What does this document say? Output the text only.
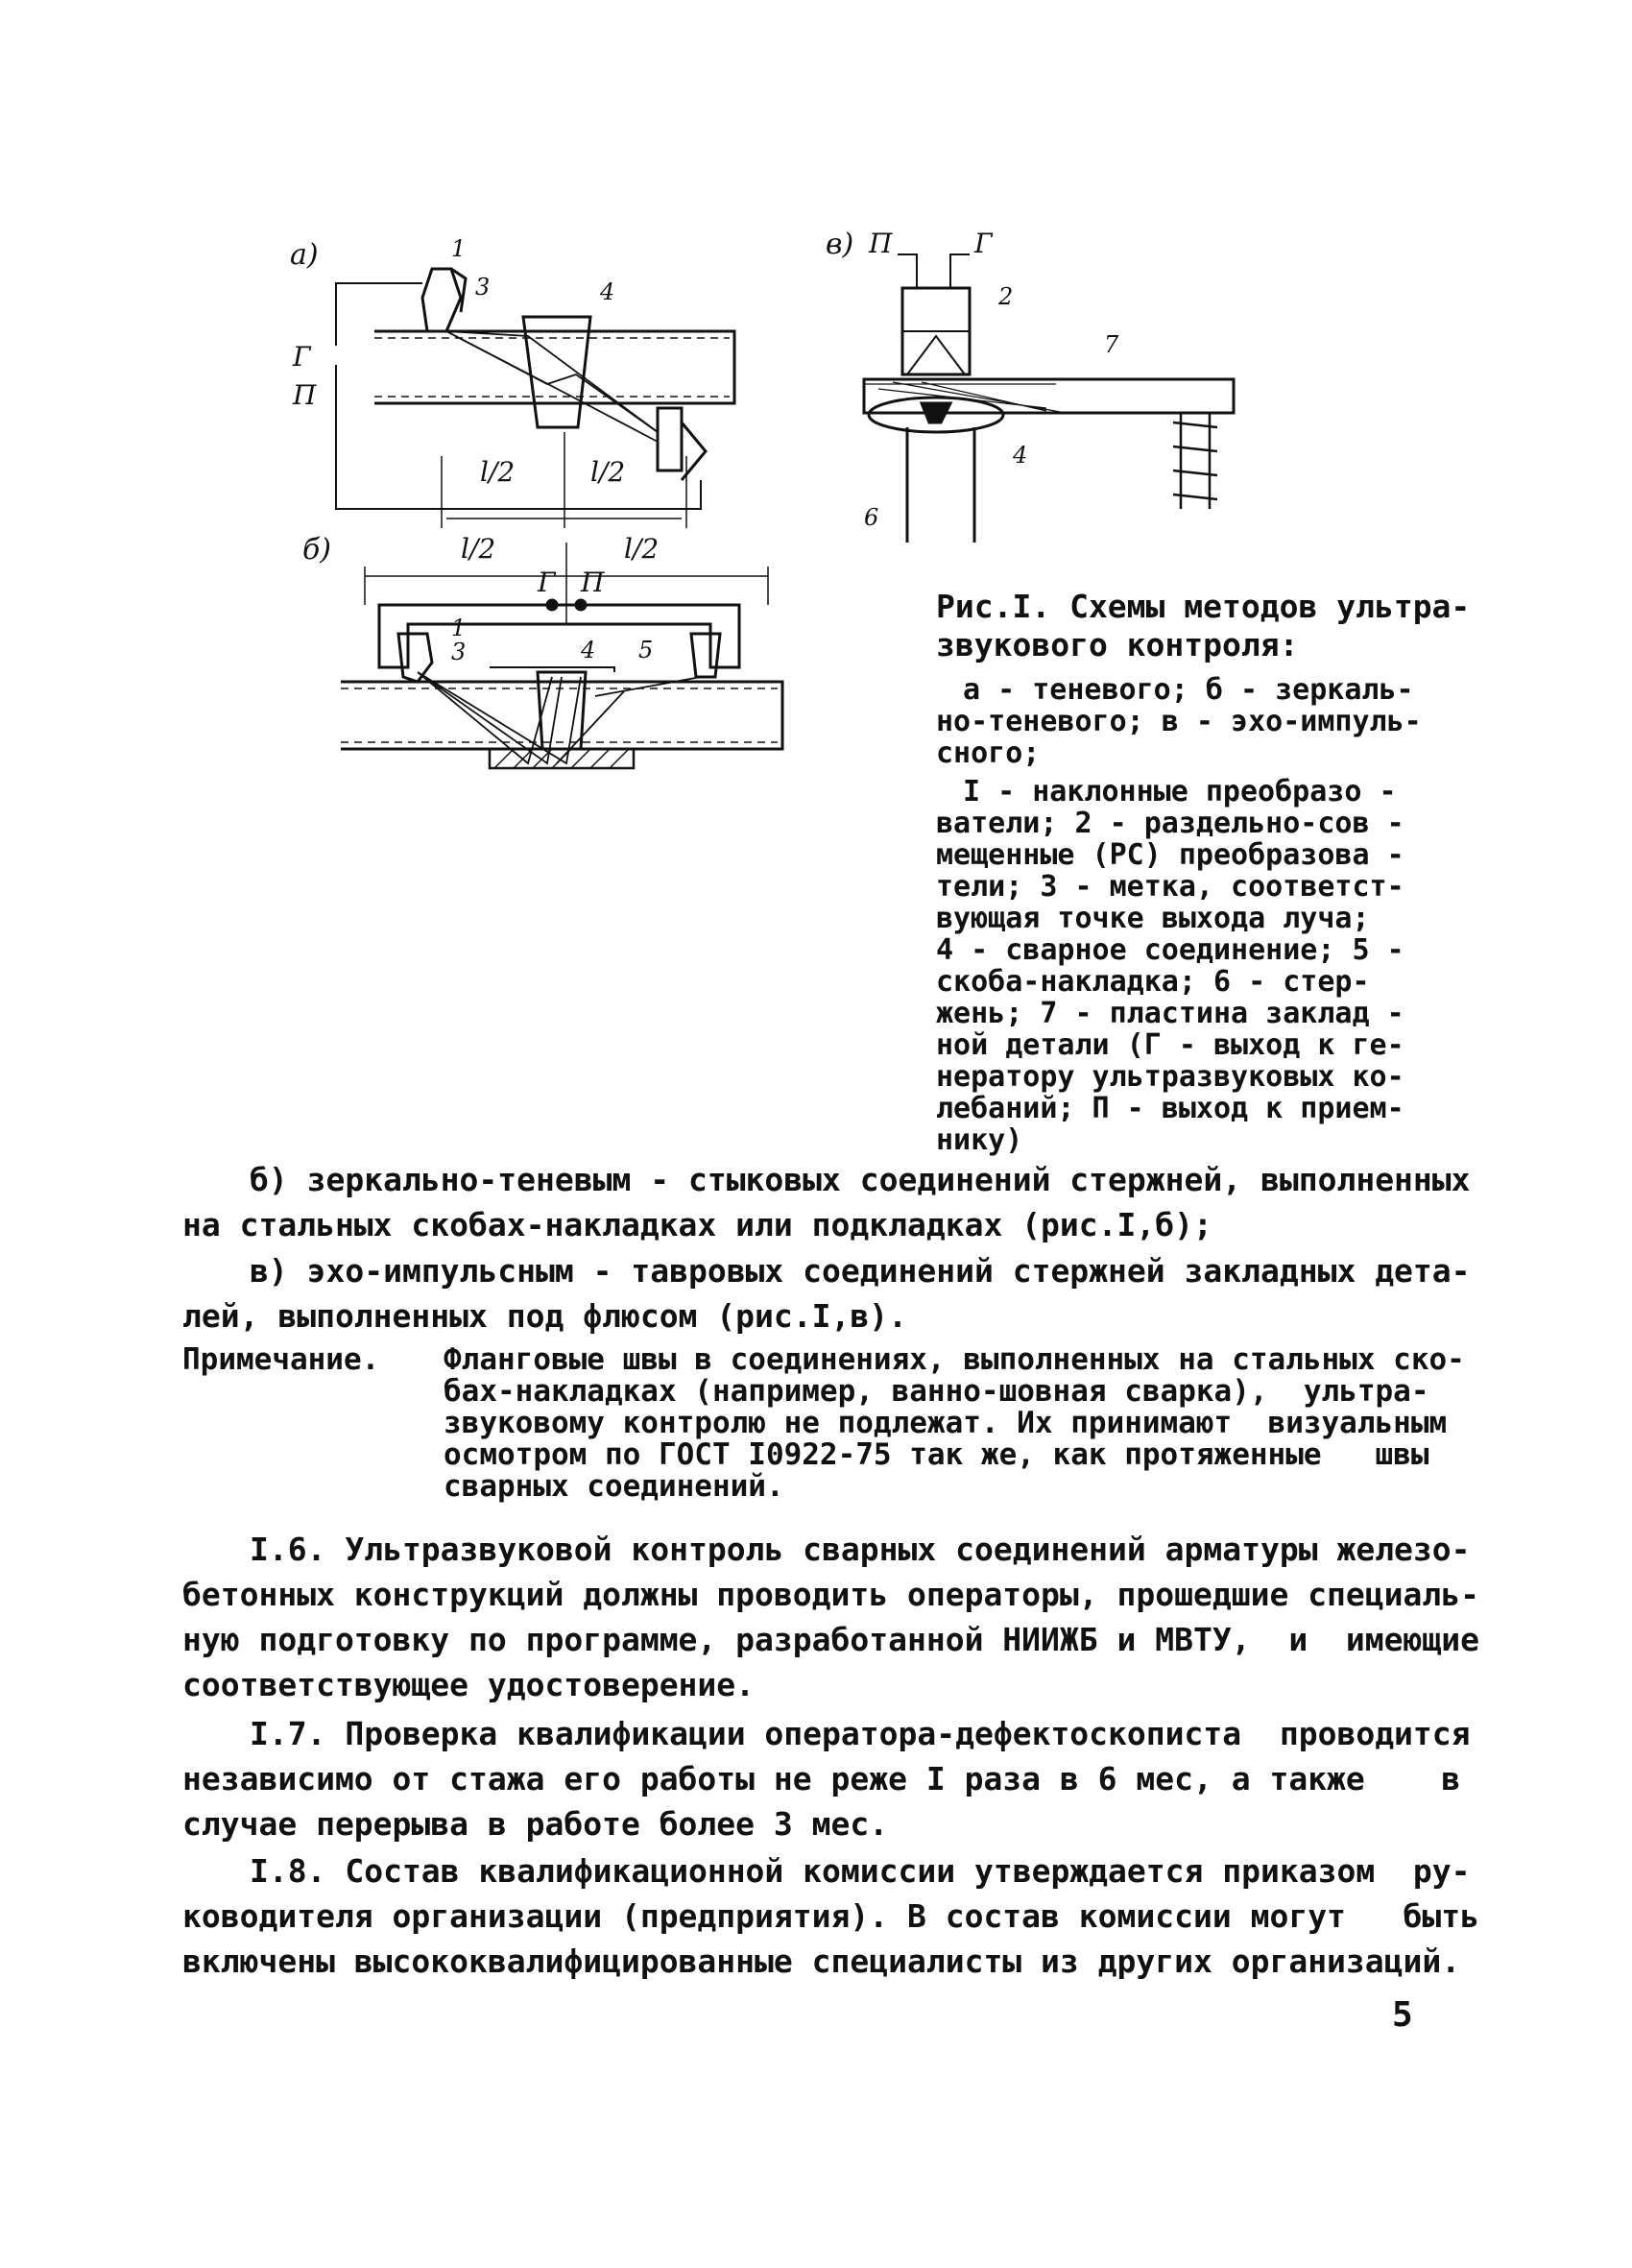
а)	1
3	4
Г
П
l/2	l/2
в) П	Г
2
7
4
6
б)	l/2	l/2
Г П
1
3	4 5
Рис.I. Схемы методов ультра-звукового контроля:
а - теневого; б - зеркаль-
но-теневого; в - эхо-импуль-
сного;
I - наклонные преобразо -
ватели; 2 - раздельно-сов -
мещенные (РС) преобразова -
тели; 3 - метка, соответст-
вующая точке выхода луча;
4 - сварное соединение; 5 -
скоба-накладка; 6 - стер-
жень; 7 - пластина заклад -
ной детали (Г - выход к ге-
нератору ультразвуковых ко-
лебаний; П - выход к прием-
нику)
б) зеркально-теневым - стыковых соединений стержней, выполненных
на стальных скобах-накладках или подкладках (рис.I,б);
в) эхо-импульсным - тавровых соединений стержней закладных дета-
лей, выполненных под флюсом (рис.I,в).
Примечание. Фланговые швы в соединениях, выполненных на стальных ско-
бах-накладках (например, ванно-шовная сварка),  ультра-
звуковому контролю не подлежат. Их принимают  визуальным
осмотром по ГОСТ I0922-75 так же, как протяженные   швы
сварных соединений.
I.6. Ультразвуковой контроль сварных соединений арматуры железо-
бетонных конструкций должны проводить операторы, прошедшие специаль-
ную подготовку по программе, разработанной НИИЖБ и МВТУ,  и  имеющие
соответствующее удостоверение.
I.7. Проверка квалификации оператора-дефектоскописта  проводится
независимо от стажа его работы не реже I раза в 6 мес, а также    в
случае перерыва в работе более 3 мес.
I.8. Состав квалификационной комиссии утверждается приказом  ру-
ководителя организации (предприятия). В состав комиссии могут   быть
включены высококвалифицированные специалисты из других организаций.
5
